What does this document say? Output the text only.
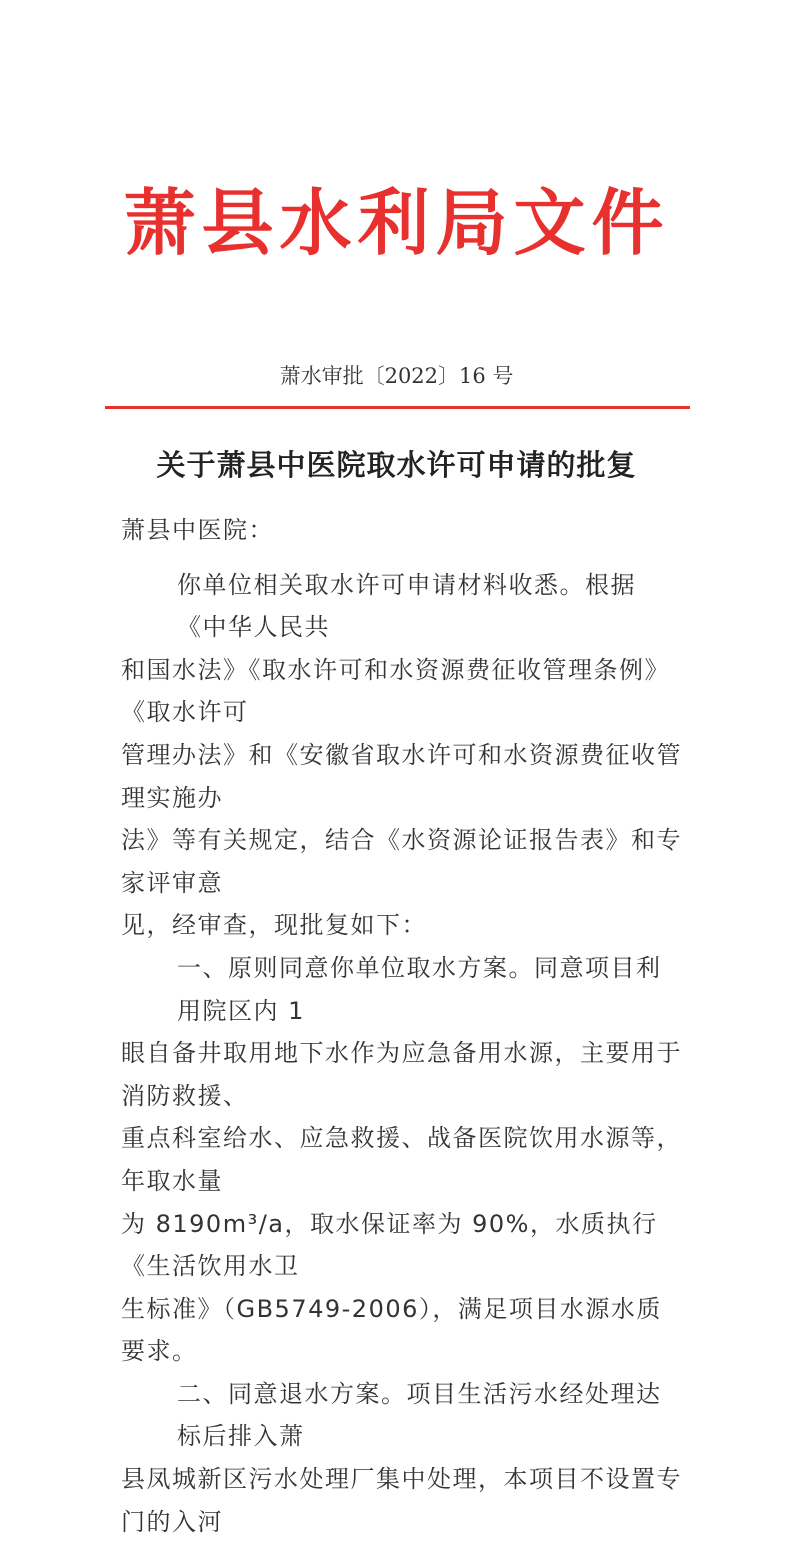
萧县水利局文件
萧水审批〔2022〕16 号
关于萧县中医院取水许可申请的批复
萧县中医院：
你单位相关取水许可申请材料收悉。根据《中华人民共
和国水法》《取水许可和水资源费征收管理条例》《取水许可
管理办法》和《安徽省取水许可和水资源费征收管理实施办
法》等有关规定，结合《水资源论证报告表》和专家评审意
见，经审查，现批复如下：
一、原则同意你单位取水方案。同意项目利用院区内 1
眼自备井取用地下水作为应急备用水源，主要用于消防救援、
重点科室给水、应急救援、战备医院饮用水源等，年取水量
为 8190m³/a，取水保证率为 90%，水质执行《生活饮用水卫
生标准》（GB5749-2006），满足项目水源水质要求。
二、同意退水方案。项目生活污水经处理达标后排入萧
县凤城新区污水处理厂集中处理，本项目不设置专门的入河
